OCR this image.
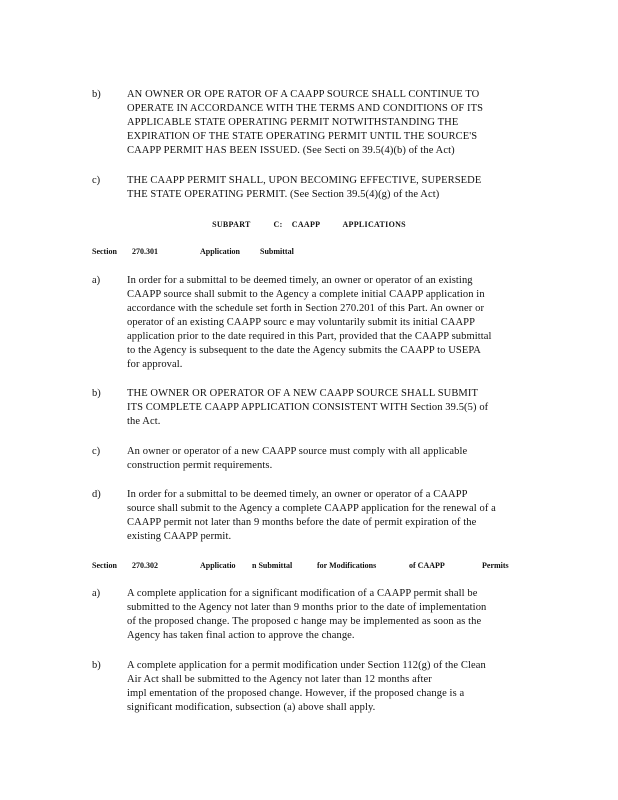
b)	AN OWNER OR OPE RATOR OF A CAAPP SOURCE SHALL CONTINUE TO
OPERATE IN ACCORDANCE WITH THE TERMS AND CONDITIONS OF ITS
APPLICABLE STATE OPERATING PERMIT NOTWITHSTANDING THE
EXPIRATION OF THE STATE OPERATING PERMIT UNTIL THE SOURCE'S
CAAPP PERMIT HAS BEEN ISSUED. (See Secti on 39.5(4)(b) of the Act)
c)	THE CAAPP PERMIT SHALL, UPON BECOMING EFFECTIVE, SUPERSEDE
THE STATE OPERATING PERMIT. (See Section 39.5(4)(g) of the Act)
SUBPART          C:    CAAPP          APPLICATIONS
Section 270.301	Application Submittal
a)	In order for a submittal to be deemed timely, an owner or operator of an existing
CAAPP source shall submit to the Agency a complete initial CAAPP application in
accordance with the schedule set forth in Section 270.201 of this Part. An owner or
operator of an existing CAAPP sourc e may voluntarily submit its initial CAAPP
application prior to the date required in this Part, provided that the CAAPP submittal
to the Agency is subsequent to the date the Agency submits the CAAPP to USEPA
for approval.
b)	THE OWNER OR OPERATOR OF A NEW CAAPP SOURCE SHALL SUBMIT
ITS COMPLETE CAAPP APPLICATION CONSISTENT WITH Section 39.5(5) of
the Act.
c)	An owner or operator of a new CAAPP source must comply with all applicable
construction permit requirements.
d)	In order for a submittal to be deemed timely, an owner or operator of a CAAPP
source shall submit to the Agency a complete CAAPP application for the renewal of a
CAAPP permit not later than 9 months before the date of permit expiration of the
existing CAAPP permit.
Section 270.302	Applicatio n Submittal	for Modifications	of CAAPP	Permits
a)	A complete application for a significant modification of a CAAPP permit shall be
submitted to the Agency not later than 9 months prior to the date of implementation
of the proposed change. The proposed c hange may be implemented as soon as the
Agency has taken final action to approve the change.
b)	A complete application for a permit modification under Section 112(g) of the Clean
Air Act shall be submitted to the Agency not later than 12 months after
impl ementation of the proposed change. However, if the proposed change is a
significant modification, subsection (a) above shall apply.
